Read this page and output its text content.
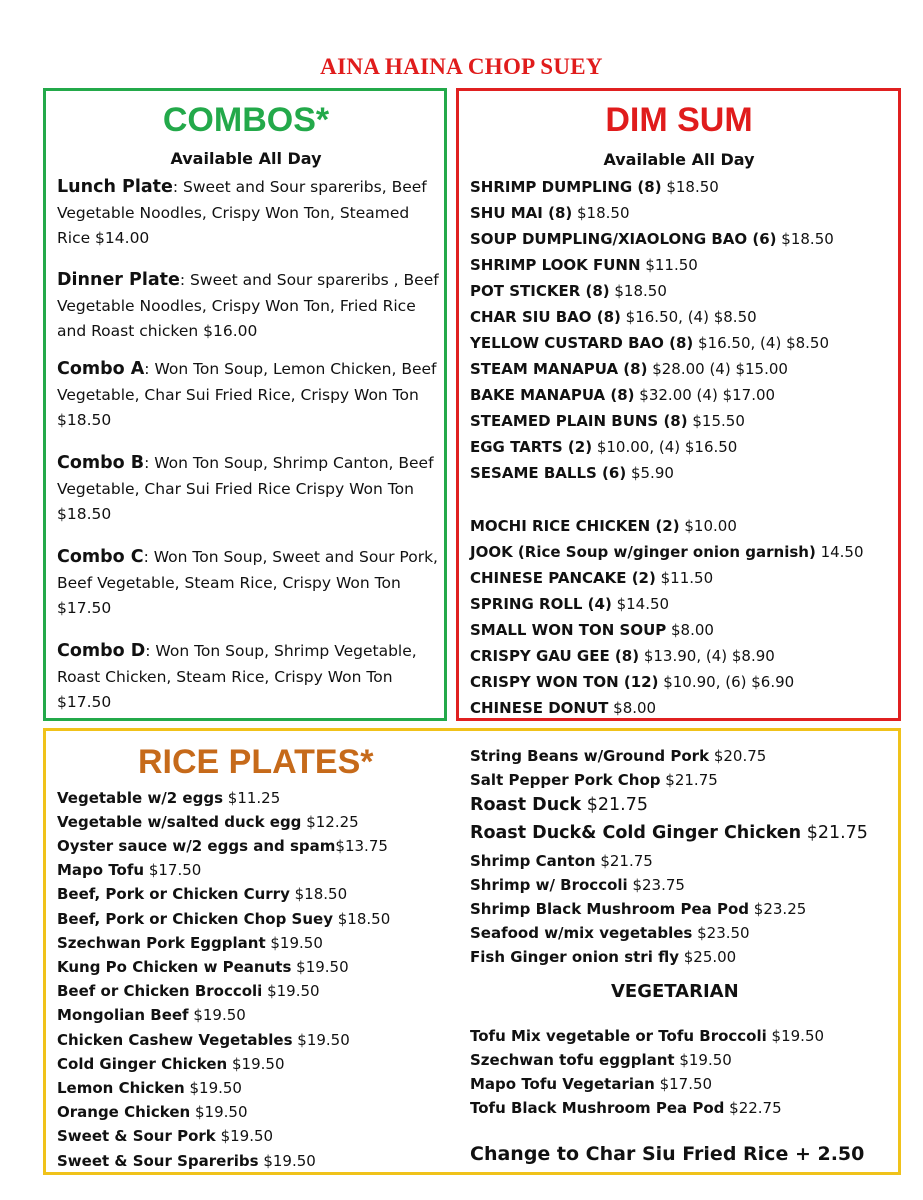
AINA HAINA CHOP SUEY
COMBOS*
Available All Day
Lunch Plate: Sweet and Sour spareribs, Beef Vegetable Noodles, Crispy Won Ton, Steamed Rice $14.00
Dinner Plate: Sweet and Sour spareribs , Beef Vegetable Noodles, Crispy Won Ton, Fried Rice and Roast chicken $16.00
Combo A: Won Ton Soup, Lemon Chicken, Beef Vegetable, Char Sui Fried Rice, Crispy Won Ton $18.50
Combo B: Won Ton Soup, Shrimp Canton, Beef Vegetable, Char Sui Fried Rice Crispy Won Ton $18.50
Combo C: Won Ton Soup, Sweet and Sour Pork, Beef Vegetable, Steam Rice, Crispy Won Ton $17.50
Combo D: Won Ton Soup, Shrimp Vegetable, Roast Chicken, Steam Rice, Crispy Won Ton $17.50
DIM SUM
Available All Day
SHRIMP DUMPLING (8) $18.50
SHU MAI (8) $18.50
SOUP DUMPLING/XIAOLONG BAO (6) $18.50
SHRIMP LOOK FUNN $11.50
POT STICKER (8) $18.50
CHAR SIU BAO (8) $16.50, (4) $8.50
YELLOW CUSTARD BAO (8) $16.50, (4) $8.50
STEAM MANAPUA (8) $28.00 (4) $15.00
BAKE MANAPUA (8) $32.00 (4) $17.00
STEAMED PLAIN BUNS (8) $15.50
EGG TARTS (2) $10.00, (4) $16.50
SESAME BALLS (6) $5.90
MOCHI RICE CHICKEN (2) $10.00
JOOK (Rice Soup w/ginger onion garnish) 14.50
CHINESE PANCAKE (2) $11.50
SPRING ROLL (4) $14.50
SMALL WON TON SOUP $8.00
CRISPY GAU GEE (8) $13.90, (4) $8.90
CRISPY WON TON (12) $10.90, (6) $6.90
CHINESE DONUT $8.00
RICE PLATES*
Vegetable w/2 eggs $11.25
Vegetable w/salted duck egg $12.25
Oyster sauce w/2 eggs and spam$13.75
Mapo Tofu $17.50
Beef, Pork or Chicken Curry $18.50
Beef, Pork or Chicken Chop Suey $18.50
Szechwan Pork Eggplant $19.50
Kung Po Chicken w Peanuts $19.50
Beef or Chicken Broccoli $19.50
Mongolian Beef $19.50
Chicken Cashew Vegetables $19.50
Cold Ginger Chicken $19.50
Lemon Chicken $19.50
Orange Chicken $19.50
Sweet & Sour Pork $19.50
Sweet & Sour Spareribs $19.50
String Beans w/Ground Pork $20.75
Salt Pepper Pork Chop $21.75
Roast Duck $21.75
Roast Duck& Cold Ginger Chicken $21.75
Shrimp Canton $21.75
Shrimp w/ Broccoli $23.75
Shrimp Black Mushroom Pea Pod $23.25
Seafood w/mix vegetables $23.50
Fish Ginger onion stri fly $25.00
VEGETARIAN
Tofu Mix vegetable or Tofu Broccoli $19.50
Szechwan tofu eggplant $19.50
Mapo Tofu Vegetarian $17.50
Tofu Black Mushroom Pea Pod $22.75
Change to Char Siu Fried Rice + 2.50
